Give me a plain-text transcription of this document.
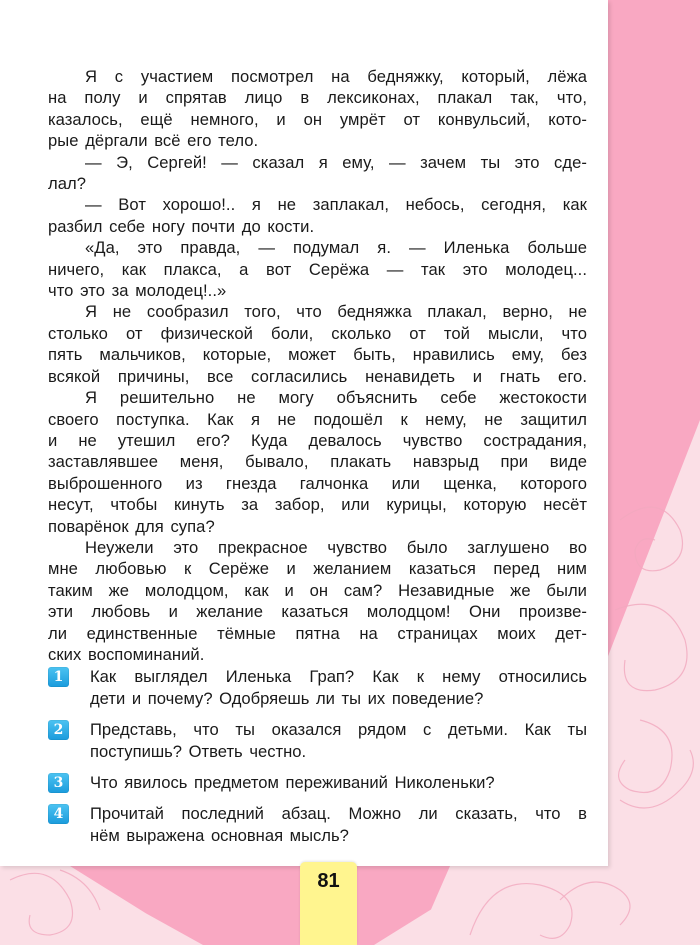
Я с участием посмотрел на бедняжку, который, лёжа
на полу и спрятав лицо в лексиконах, плакал так, что,
казалось, ещё немного, и он умрёт от конвульсий, кото-
рые дёргали всё его тело.
— Э, Сергей! — сказал я ему, — зачем ты это сде-
лал?
— Вот хорошо!.. я не заплакал, небось, сегодня, как
разбил себе ногу почти до кости.
«Да, это правда, — подумал я. — Иленька больше
ничего, как плакса, а вот Серёжа — так это молодец...
что это за молодец!..»
Я не сообразил того, что бедняжка плакал, верно, не
столько от физической боли, сколько от той мысли, что
пять мальчиков, которые, может быть, нравились ему, без
всякой причины, все согласились ненавидеть и гнать его.
Я решительно не могу объяснить себе жестокости
своего поступка. Как я не подошёл к нему, не защитил
и не утешил его? Куда девалось чувство сострадания,
заставлявшее меня, бывало, плакать навзрыд при виде
выброшенного из гнезда галчонка или щенка, которого
несут, чтобы кинуть за забор, или курицы, которую несёт
поварёнок для супа?
Неужели это прекрасное чувство было заглушено во
мне любовью к Серёже и желанием казаться перед ним
таким же молодцом, как и он сам? Незавидные же были
эти любовь и желание казаться молодцом! Они произве-
ли единственные тёмные пятна на страницах моих дет-
ских воспоминаний.
1	Как выглядел Иленька Грап? Как к нему относились
дети и почему? Одобряешь ли ты их поведение?
2	Представь, что ты оказался рядом с детьми. Как ты
поступишь? Ответь честно.
3	Что явилось предметом переживаний Николеньки?
4	Прочитай последний абзац. Можно ли сказать, что в
нём выражена основная мысль?
81
